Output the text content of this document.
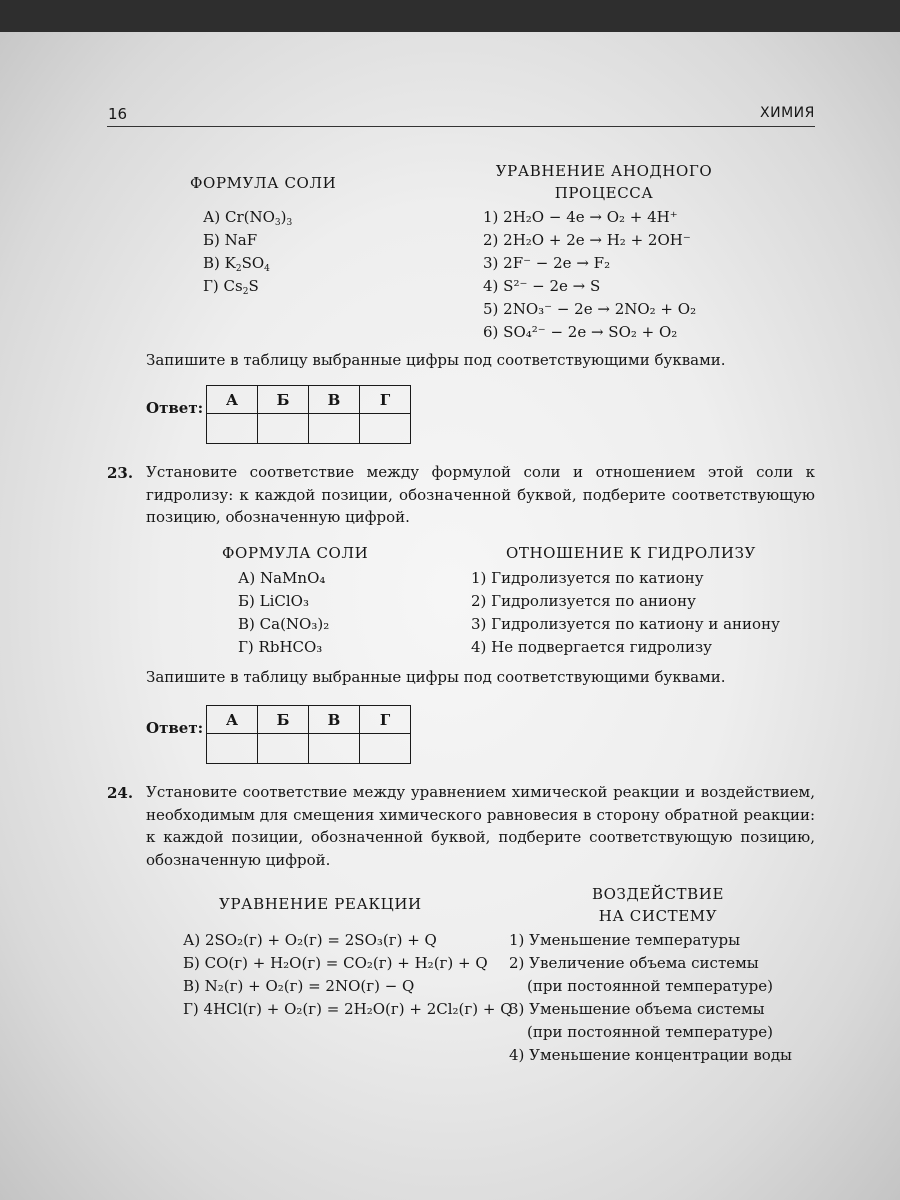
16	ХИМИЯ
ФОРМУЛА СОЛИ
УРАВНЕНИЕ АНОДНОГО
ПРОЦЕССА
А) $Cr(NO_3)_3$
Б) NaF
В) $K_2SO_4$
Г) $Cs_2S$
1) 2H₂O − 4e → O₂ + 4H⁺
2) 2H₂O + 2e → H₂ + 2OH⁻
3) 2F⁻ − 2e → F₂
4) S²⁻ − 2e → S
5) 2NO₃⁻ − 2e → 2NO₂ + O₂
6) SO₄²⁻ − 2e → SO₂ + O₂
Запишите в таблицу выбранные цифры под соответствующими буквами.
Ответ: А	Б	В	Г

23. Установите соответствие между формулой соли и отношением этой соли к гидролизу: к каждой позиции, обозначенной буквой, подберите соответствующую позицию, обозначенную цифрой.
ФОРМУЛА СОЛИ	ОТНОШЕНИЕ К ГИДРОЛИЗУ
А) NaMnO₄
Б) LiClO₃
В) Ca(NO₃)₂
Г) RbHCO₃
1) Гидролизуется по катиону
2) Гидролизуется по аниону
3) Гидролизуется по катиону и аниону
4) Не подвергается гидролизу
Запишите в таблицу выбранные цифры под соответствующими буквами.
Ответ: А	Б	В	Г

24. Установите соответствие между уравнением химической реакции и воздействием, необходимым для смещения химического равновесия в сторону обратной реакции: к каждой позиции, обозначенной буквой, подберите соответствующую позицию, обозначенную цифрой.
УРАВНЕНИЕ РЕАКЦИИ
ВОЗДЕЙСТВИЕ
НА СИСТЕМУ
А) 2SO₂(г) + O₂(г) = 2SO₃(г) + Q
Б) CO(г) + H₂O(г) = CO₂(г) + H₂(г) + Q
В) N₂(г) + O₂(г) = 2NO(г) − Q
Г) 4HCl(г) + O₂(г) = 2H₂O(г) + 2Cl₂(г) + Q
1) Уменьшение температуры
2) Увеличение объема системы
(при постоянной температуре)
3) Уменьшение объема системы
(при постоянной температуре)
4) Уменьшение концентрации воды
